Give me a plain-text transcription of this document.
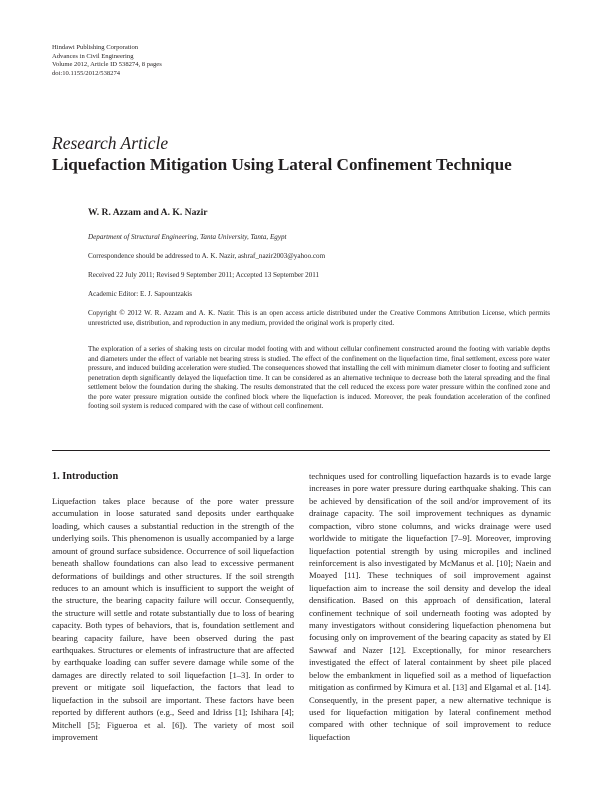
Hindawi Publishing Corporation
Advances in Civil Engineering
Volume 2012, Article ID 538274, 8 pages
doi:10.1155/2012/538274
Research Article
Liquefaction Mitigation Using Lateral Confinement Technique
W. R. Azzam and A. K. Nazir
Department of Structural Engineering, Tanta University, Tanta, Egypt
Correspondence should be addressed to A. K. Nazir, ashraf_nazir2003@yahoo.com
Received 22 July 2011; Revised 9 September 2011; Accepted 13 September 2011
Academic Editor: E. J. Sapountzakis
Copyright © 2012 W. R. Azzam and A. K. Nazir. This is an open access article distributed under the Creative Commons Attribution License, which permits unrestricted use, distribution, and reproduction in any medium, provided the original work is properly cited.
The exploration of a series of shaking tests on circular model footing with and without cellular confinement constructed around the footing with variable depths and diameters under the effect of variable net bearing stress is studied. The effect of the confinement on the liquefaction time, final settlement, excess pore water pressure, and induced building acceleration were studied. The consequences showed that installing the cell with minimum diameter closer to footing and sufficient penetration depth significantly delayed the liquefaction time. It can be considered as an alternative technique to decrease both the lateral spreading and the final settlement below the foundation during the shaking. The results demonstrated that the cell reduced the excess pore water pressure within the confined zone and the pore water pressure migration outside the confined block where the liquefaction is induced. Moreover, the peak foundation acceleration of the confined footing soil system is reduced compared with the case of without cell confinement.
1. Introduction

Liquefaction takes place because of the pore water pressure accumulation in loose saturated sand deposits under earthquake loading, which causes a substantial reduction in the strength of the underlying soils. This phenomenon is usually accompanied by a large amount of ground surface subsidence. Occurrence of soil liquefaction beneath shallow foundations can also lead to excessive permanent deformations of buildings and other structures. If the soil strength reduces to an amount which is insufficient to support the weight of the structure, the bearing capacity failure will occur. Consequently, the structure will settle and rotate substantially due to loss of bearing capacity. Both types of behaviors, that is, foundation settlement and bearing capacity failure, have been observed during the past earthquakes. Structures or elements of infrastructure that are affected by earthquake loading can suffer severe damage while some of the damages are directly related to soil liquefaction [1–3]. In order to prevent or mitigate soil liquefaction, the factors that lead to liquefaction in the subsoil are important. These factors have been reported by different authors (e.g., Seed and Idriss [1]; Ishihara [4]; Mitchell [5]; Figueroa et al. [6]). The variety of most soil improvement

techniques used for controlling liquefaction hazards is to evade large increases in pore water pressure during earthquake shaking. This can be achieved by densification of the soil and/or improvement of its drainage capacity. The soil improvement techniques as dynamic compaction, vibro stone columns, and wicks drainage were used worldwide to mitigate the liquefaction [7–9]. Moreover, improving liquefaction potential strength by using micropiles and inclined reinforcement is also investigated by McManus et al. [10]; Naein and Moayed [11]. These techniques of soil improvement against liquefaction aim to increase the soil density and develop the ideal densification. Based on this approach of densification, lateral confinement technique of soil underneath footing was adopted by many investigators without considering liquefaction phenomena but focusing only on improvement of the bearing capacity as stated by El Sawwaf and Nazer [12]. Exceptionally, for minor researchers investigated the effect of lateral containment by sheet pile placed below the embankment in liquefied soil as a method of liquefaction mitigation as confirmed by Kimura et al. [13] and Elgamal et al. [14]. Consequently, in the present paper, a new alternative technique is used for liquefaction mitigation by lateral confinement method compared with other technique of soil improvement to reduce liquefaction
